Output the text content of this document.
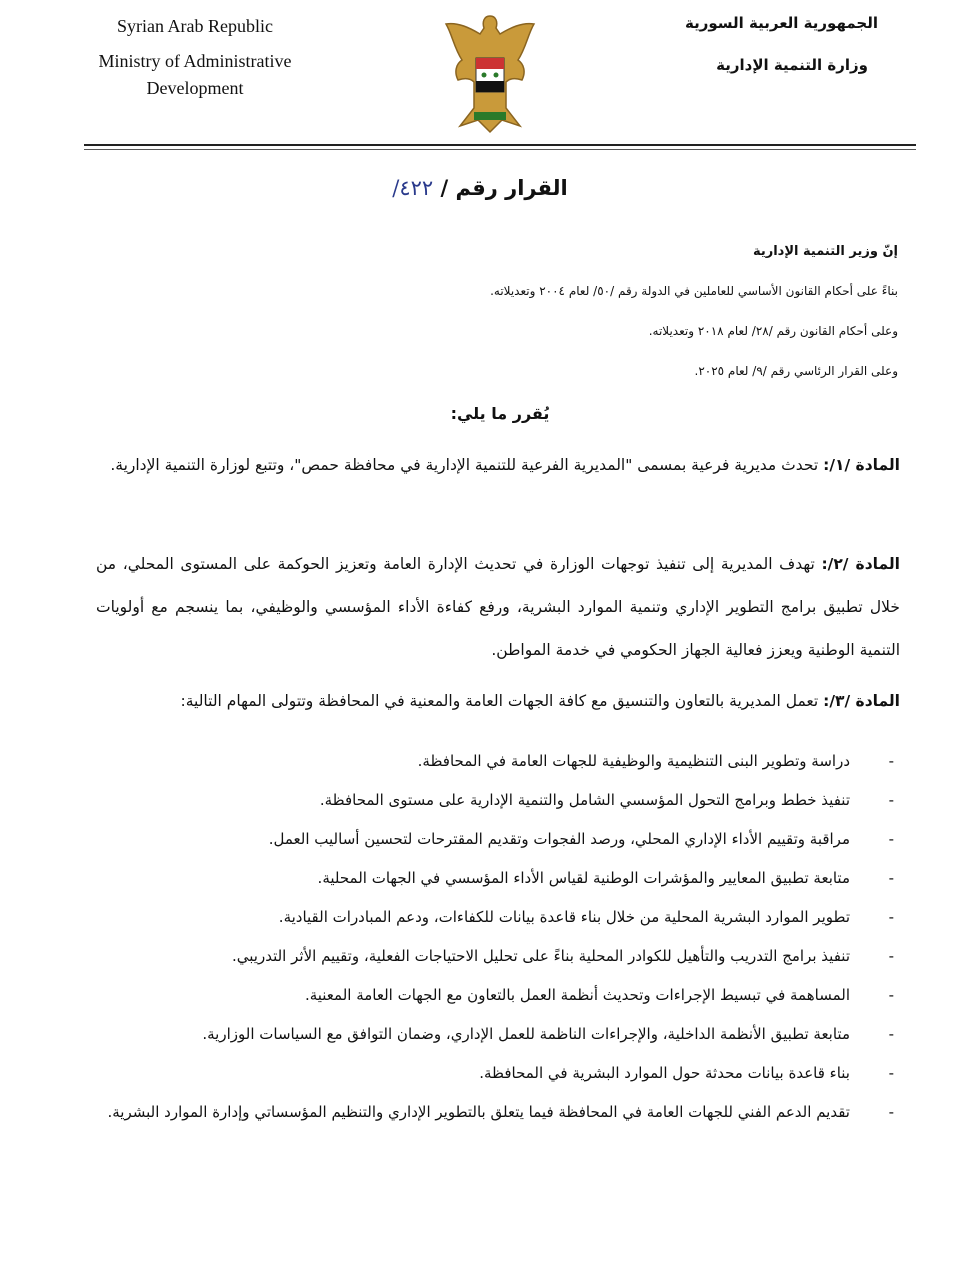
Syrian Arab Republic
Ministry of Administrative
Development
الجمهورية العربية السورية
وزارة التنمية الإدارية
القرار رقم / ٤٢٢/
إنّ وزير التنمية الإدارية
بناءً على أحكام القانون الأساسي للعاملين في الدولة رقم /٥٠/ لعام ٢٠٠٤ وتعديلاته.
وعلى أحكام القانون رقم /٢٨/ لعام ٢٠١٨ وتعديلاته.
وعلى القرار الرئاسي رقم /٩/ لعام ٢٠٢٥.
يُقرر ما يلي:
المادة /١/: تحدث مديرية فرعية بمسمى "المديرية الفرعية للتنمية الإدارية في محافظة حمص"، وتتبع لوزارة التنمية الإدارية.
المادة /٢/: تهدف المديرية إلى تنفيذ توجهات الوزارة في تحديث الإدارة العامة وتعزيز الحوكمة على المستوى المحلي، من خلال تطبيق برامج التطوير الإداري وتنمية الموارد البشرية، ورفع كفاءة الأداء المؤسسي والوظيفي، بما ينسجم مع أولويات التنمية الوطنية ويعزز فعالية الجهاز الحكومي في خدمة المواطن.
المادة /٣/: تعمل المديرية بالتعاون والتنسيق مع كافة الجهات العامة والمعنية في المحافظة وتتولى المهام التالية:
-
دراسة وتطوير البنى التنظيمية والوظيفية للجهات العامة في المحافظة.
-
تنفيذ خطط وبرامج التحول المؤسسي الشامل والتنمية الإدارية على مستوى المحافظة.
-
مراقبة وتقييم الأداء الإداري المحلي، ورصد الفجوات وتقديم المقترحات لتحسين أساليب العمل.
-
متابعة تطبيق المعايير والمؤشرات الوطنية لقياس الأداء المؤسسي في الجهات المحلية.
-
تطوير الموارد البشرية المحلية من خلال بناء قاعدة بيانات للكفاءات، ودعم المبادرات القيادية.
-
تنفيذ برامج التدريب والتأهيل للكوادر المحلية بناءً على تحليل الاحتياجات الفعلية، وتقييم الأثر التدريبي.
-
المساهمة في تبسيط الإجراءات وتحديث أنظمة العمل بالتعاون مع الجهات العامة المعنية.
-
متابعة تطبيق الأنظمة الداخلية، والإجراءات الناظمة للعمل الإداري، وضمان التوافق مع السياسات الوزارية.
-
بناء قاعدة بيانات محدثة حول الموارد البشرية في المحافظة.
-
تقديم الدعم الفني للجهات العامة في المحافظة فيما يتعلق بالتطوير الإداري والتنظيم المؤسساتي وإدارة الموارد البشرية.
